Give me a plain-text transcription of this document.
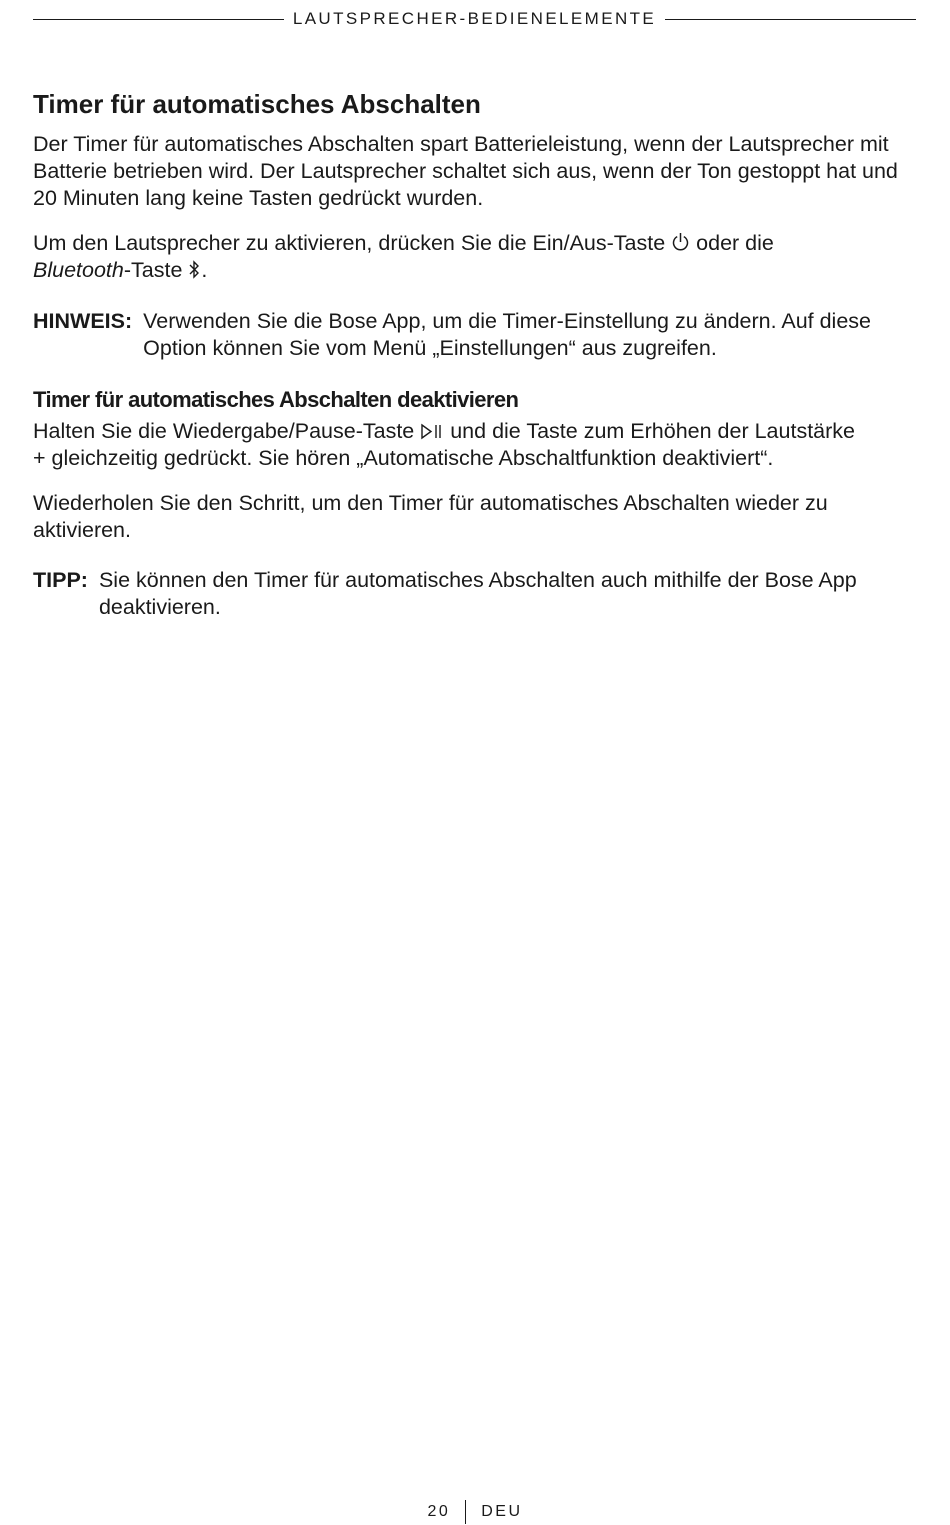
LAUTSPRECHER-BEDIENELEMENTE
Timer für automatisches Abschalten

Der Timer für automatisches Abschalten spart Batterieleistung, wenn der Lautsprecher mit Batterie betrieben wird. Der Lautsprecher schaltet sich aus, wenn der Ton gestoppt hat und 20 Minuten lang keine Tasten gedrückt wurden.

Um den Lautsprecher zu aktivieren, drücken Sie die Ein/Aus-Taste oder die
Bluetooth-Taste .

HINWEIS: Verwenden Sie die Bose App, um die Timer-Einstellung zu ändern. Auf diese Option können Sie vom Menü „Einstellungen“ aus zugreifen.
Timer für automatisches Abschalten deaktivieren

Halten Sie die Wiedergabe/Pause-Taste und die Taste zum Erhöhen der Lautstärke
+ gleichzeitig gedrückt. Sie hören „Automatische Abschaltfunktion deaktiviert“.

Wiederholen Sie den Schritt, um den Timer für automatisches Abschalten wieder zu aktivieren.

TIPP: Sie können den Timer für automatisches Abschalten auch mithilfe der Bose App deaktivieren.
20 DEU
